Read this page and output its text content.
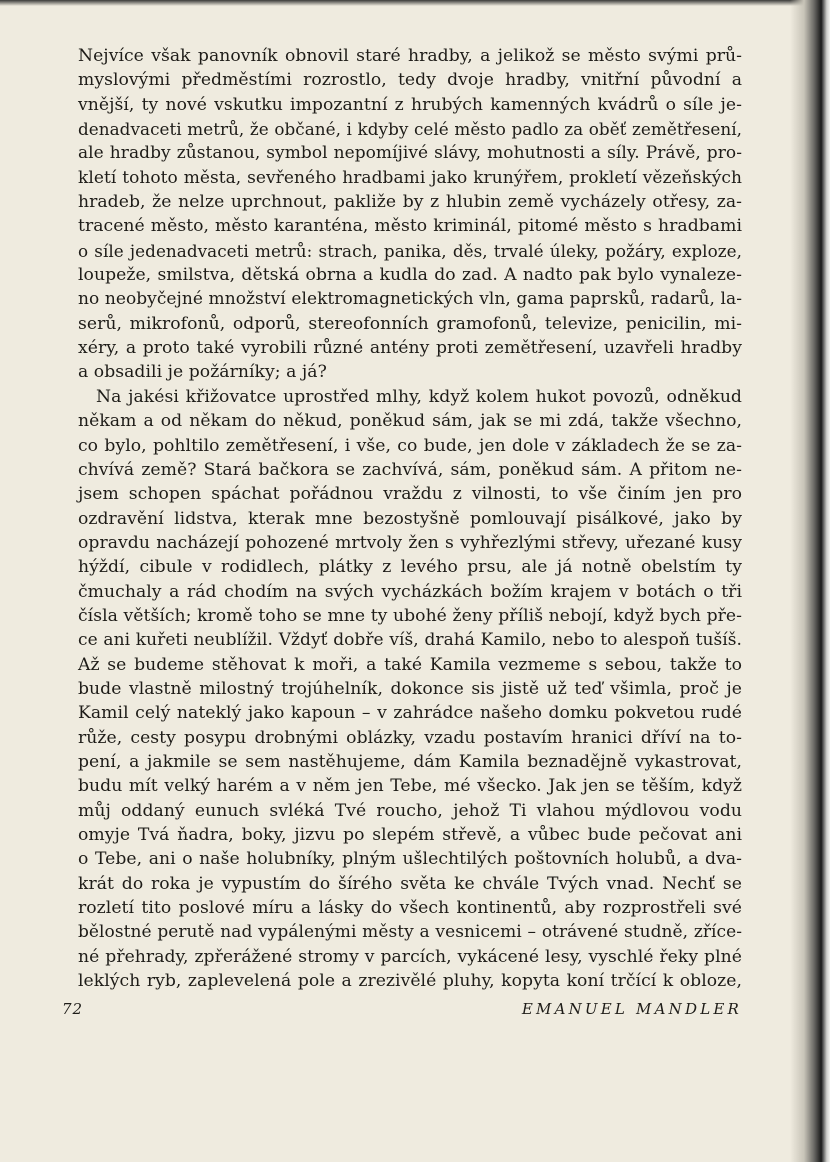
Nejvíce však panovník obnovil staré hradby, a jelikož se město svými prů-
myslovými předměstími rozrostlo, tedy dvoje hradby, vnitřní původní a
vnější, ty nové vskutku impozantní z hrubých kamenných kvádrů o síle je-
denadvaceti metrů, že občané, i kdyby celé město padlo za oběť zemětřesení,
ale hradby zůstanou, symbol nepomíjivé slávy, mohutnosti a síly. Právě, pro-
kletí tohoto města, sevřeného hradbami jako krunýřem, prokletí vězeňských
hradeb, že nelze uprchnout, pakliže by z hlubin země vycházely otřesy, za-
tracené město, město karanténa, město kriminál, pitomé město s hradbami
o síle jedenadvaceti metrů: strach, panika, děs, trvalé úleky, požáry, exploze,
loupeže, smilstva, dětská obrna a kudla do zad. A nadto pak bylo vynaleze-
no neobyčejné množství elektromagnetických vln, gama paprsků, radarů, la-
serů, mikrofonů, odporů, stereofonních gramofonů, televize, penicilin, mi-
xéry, a proto také vyrobili různé antény proti zemětřesení, uzavřeli hradby
a obsadili je požárníky; a já?
Na jakési křižovatce uprostřed mlhy, když kolem hukot povozů, odněkud
někam a od někam do někud, poněkud sám, jak se mi zdá, takže všechno,
co bylo, pohltilo zemětřesení, i vše, co bude, jen dole v základech že se za-
chvívá země? Stará bačkora se zachvívá, sám, poněkud sám. A přitom ne-
jsem schopen spáchat pořádnou vraždu z vilnosti, to vše činím jen pro
ozdravění lidstva, kterak mne bezostyšně pomlouvají pisálkové, jako by
opravdu nacházejí pohozené mrtvoly žen s vyhřezlými střevy, uřezané kusy
hýždí, cibule v rodidlech, plátky z levého prsu, ale já notně obelstím ty
čmuchaly a rád chodím na svých vycházkách božím krajem v botách o tři
čísla větších; kromě toho se mne ty ubohé ženy příliš nebojí, když bych pře-
ce ani kuřeti neublížil. Vždyť dobře víš, drahá Kamilo, nebo to alespoň tušíš.
Až se budeme stěhovat k moři, a také Kamila vezmeme s sebou, takže to
bude vlastně milostný trojúhelník, dokonce sis jistě už teď všimla, proč je
Kamil celý nateklý jako kapoun – v zahrádce našeho domku pokvetou rudé
růže, cesty posypu drobnými oblázky, vzadu postavím hranici dříví na to-
pení, a jakmile se sem nastěhujeme, dám Kamila beznadějně vykastrovat,
budu mít velký harém a v něm jen Tebe, mé všecko. Jak jen se těším, když
můj oddaný eunuch svléká Tvé roucho, jehož Ti vlahou mýdlovou vodu
omyje Tvá ňadra, boky, jizvu po slepém střevě, a vůbec bude pečovat ani
o Tebe, ani o naše holubníky, plným ušlechtilých poštovních holubů, a dva-
krát do roka je vypustím do šírého světa ke chvále Tvých vnad. Nechť se
rozletí tito poslové míru a lásky do všech kontinentů, aby rozprostřeli své
bělostné perutě nad vypálenými městy a vesnicemi – otrávené studně, zříce-
né přehrady, zpřerážené stromy v parcích, vykácené lesy, vyschlé řeky plné
leklých ryb, zaplevelená pole a zrezivělé pluhy, kopyta koní trčící k obloze,
72	EMANUEL MANDLER
